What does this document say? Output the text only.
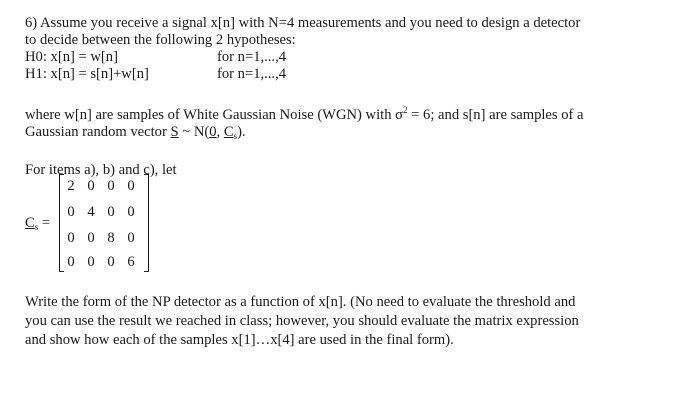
6) Assume you receive a signal x[n] with N=4 measurements and you need to design a detector
to decide between the following 2 hypotheses:
H0: x[n] = w[n]	for n=1,...,4
H1: x[n] = s[n]+w[n]	for n=1,...,4
where w[n] are samples of White Gaussian Noise (WGN) with $\sigma^2 = 6$; and s[n] are samples of a
Gaussian random vector S ~ N(0, $C_s$).
For items a), b) and c), let
$C_s$ =
2 0 0 0
0 4 0 0
0 0 8 0
0 0 0 6
Write the form of the NP detector as a function of x[n]. (No need to evaluate the threshold and
you can use the result we reached in class; however, you should evaluate the matrix expression
and show how each of the samples x[1]…x[4] are used in the final form).
